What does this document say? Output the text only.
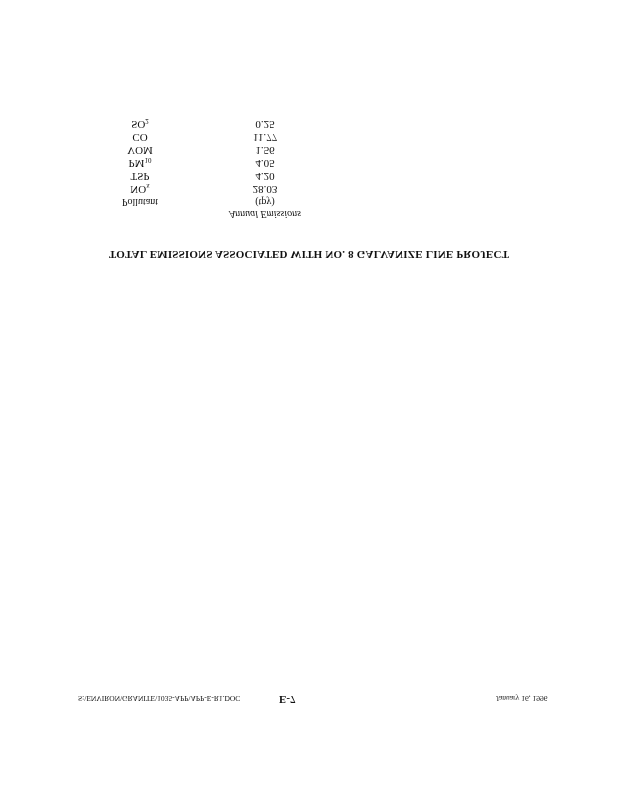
TOTAL EMISSIONS ASSOCIATED WITH NO. 8 GALVANIZE LINE PROJECT
Annual Emissions
Pollutant	(tpy)
$NO_x$	28.03
TSP	4.20
$PM_{10}$	4.05
VOM	1.56
CO	11.77
$SO_2$	0.25
S:\ENVIRON\GRANITE\1035-APP\APP-E-R1.DOC	E-7	January 16, 1996
